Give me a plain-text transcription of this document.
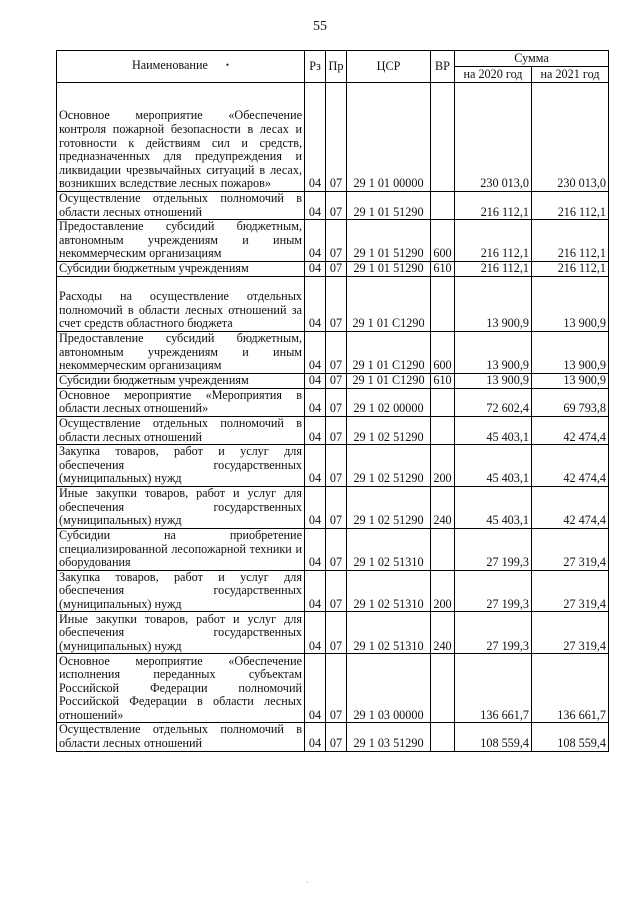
55
Наименование •	Рз	Пр	ЦСР	ВР	Сумма	
					на 2020 год	на 2021 год
Основное мероприятие «Обеспечение контроля пожарной безопасности в лесах и готовности к действиям сил и средств, предназначенных для предупреждения и ликвидации чрезвычайных ситуаций в лесах, возникших вследствие лесных пожаров»	04	07	29 1 01 00000		230 013,0	230 013,0
Осуществление отдельных полномочий в области лесных отношений	04	07	29 1 01 51290		216 112,1	216 112,1
Предоставление субсидий бюджетным, автономным учреждениям и иным некоммерческим организациям	04	07	29 1 01 51290	600	216 112,1	216 112,1
Субсидии бюджетным учреждениям	04	07	29 1 01 51290	610	216 112,1	216 112,1
Расходы на осуществление отдельных полномочий в области лесных отношений за счет средств областного бюджета	04	07	29 1 01 С1290		13 900,9	13 900,9
Предоставление субсидий бюджетным, автономным учреждениям и иным некоммерческим организациям	04	07	29 1 01 С1290	600	13 900,9	13 900,9
Субсидии бюджетным учреждениям	04	07	29 1 01 С1290	610	13 900,9	13 900,9
Основное мероприятие «Мероприятия в области лесных отношений»	04	07	29 1 02 00000		72 602,4	69 793,8
Осуществление отдельных полномочий в области лесных отношений	04	07	29 1 02 51290		45 403,1	42 474,4
Закупка товаров, работ и услуг для обеспечения государственных (муниципальных) нужд	04	07	29 1 02 51290	200	45 403,1	42 474,4
Иные закупки товаров, работ и услуг для обеспечения государственных (муниципальных) нужд	04	07	29 1 02 51290	240	45 403,1	42 474,4
Субсидии на приобретение специализированной лесопожарной техники и оборудования	04	07	29 1 02 51310		27 199,3	27 319,4
Закупка товаров, работ и услуг для обеспечения государственных (муниципальных) нужд	04	07	29 1 02 51310	200	27 199,3	27 319,4
Иные закупки товаров, работ и услуг для обеспечения государственных (муниципальных) нужд	04	07	29 1 02 51310	240	27 199,3	27 319,4
Основное мероприятие «Обеспечение исполнения переданных субъектам Российской Федерации полномочий Российской Федерации в области лесных отношений»	04	07	29 1 03 00000		136 661,7	136 661,7
Осуществление отдельных полномочий в области лесных отношений	04	07	29 1 03 51290		108 559,4	108 559,4
·
